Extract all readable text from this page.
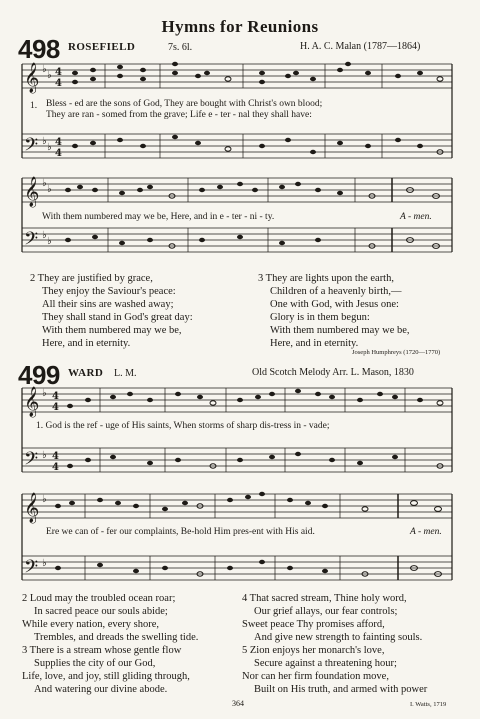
Hymns for Reunions
498 ROSEFIELD	7s. 6l.	H. A. C. Malan (1787—1864)
𝄞
𝄢
♭
♭
♭
♭
4
4
4
4
1. Bless - ed are the sons of God, They are bought with Christ's own blood;
They are ran - somed from the grave; Life e - ter - nal they shall have:
𝄞
𝄢
♭
♭
♭
♭
With them numbered may we be, Here, and in e - ter - ni - ty.	A - men.
2 They are justified by grace,
They enjoy the Saviour's peace:
All their sins are washed away;
They shall stand in God's great day:
With them numbered may we be,
Here, and in eternity.
3 They are lights upon the earth,
Children of a heavenly birth,—
One with God, with Jesus one:
Glory is in them begun:
With them numbered may we be,
Here, and in eternity.
Joseph Humphreys (1720—1770)
499 WARD L. M.	Old Scotch Melody Arr. L. Mason, 1830
𝄞
𝄢
♭
♭
4
4
4
4
1. God is the ref - uge of His saints, When storms of sharp dis-tress in - vade;
𝄞
𝄢
♭
♭
Ere we can of - fer our complaints, Be-hold Him pres-ent with His aid.	A - men.
2 Loud may the troubled ocean roar;
In sacred peace our souls abide;
While every nation, every shore,
Trembles, and dreads the swelling tide.
3 There is a stream whose gentle flow
Supplies the city of our God,
Life, love, and joy, still gliding through,
And watering our divine abode.
4 That sacred stream, Thine holy word,
Our grief allays, our fear controls;
Sweet peace Thy promises afford,
And give new strength to fainting souls.
5 Zion enjoys her monarch's love,
Secure against a threatening hour;
Nor can her firm foundation move,
Built on His truth, and armed with power
364	I. Watts, 1719
